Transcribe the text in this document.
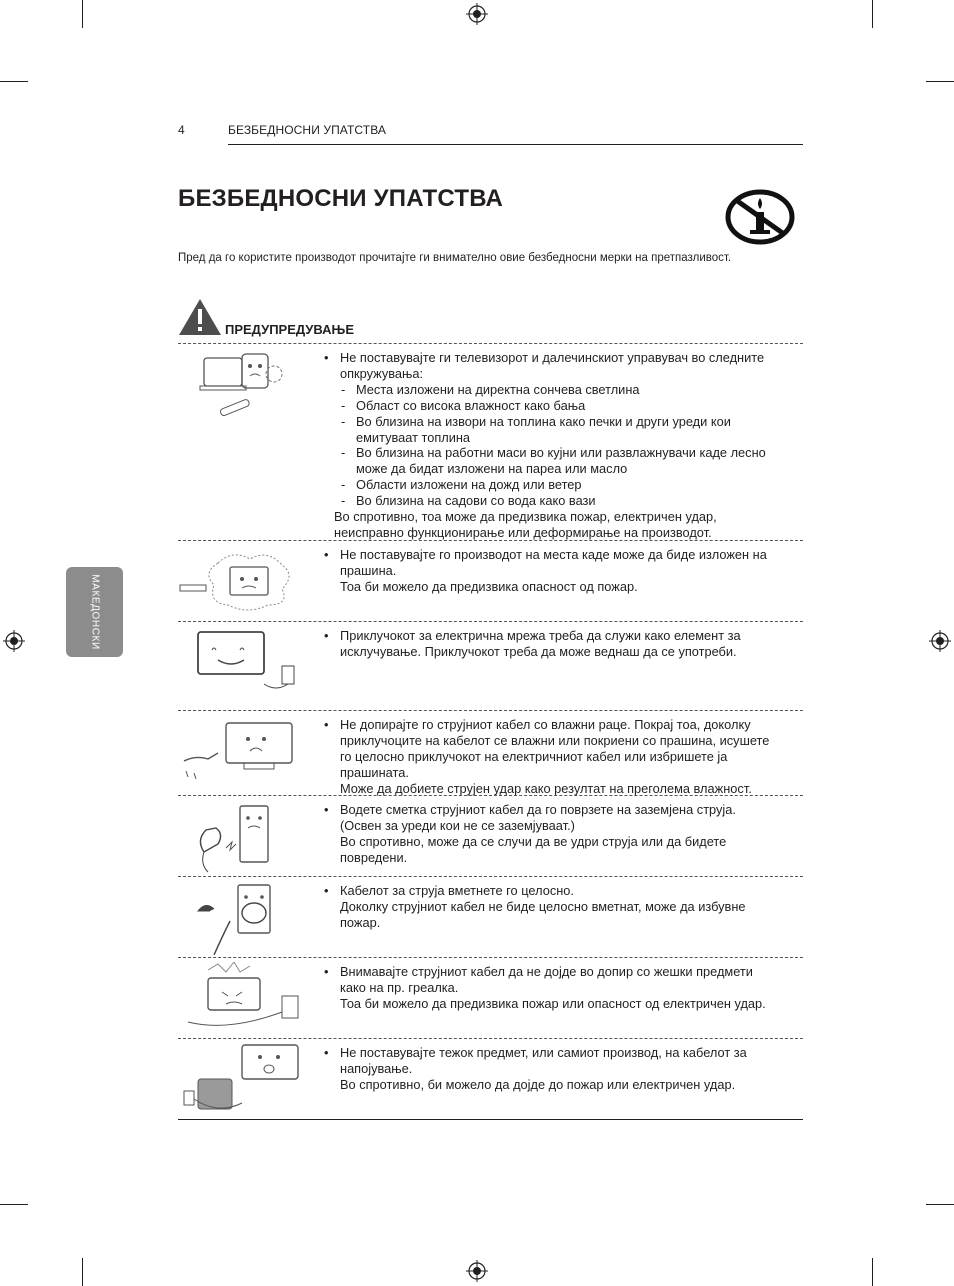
4	БЕЗБЕДНОСНИ УПАТСТВА
БЕЗБЕДНОСНИ УПАТСТВА
Пред да го користите производот прочитајте ги внимателно овие безбедносни мерки на претпазливост.
ПРЕДУПРЕДУВАЊЕ
МАКЕДОНСКИ
• Не поставувајте ги телевизорот и далечинскиот управувач во следните
опкружувања:
- Места изложени на директна сончева светлина
- Област со висока влажност како бања
- Во близина на извори на топлина како печки и други уреди кои
емитуваат топлина
- Во близина на работни маси во кујни или развлажнувачи каде лесно
може да бидат изложени на пареа или масло
- Области изложени на дожд или ветер
- Во близина на садови со вода како вази
Во спротивно, тоа може да предизвика пожар, електричен удар,
неисправно функционирање или деформирање на производот.
• Не поставувајте го производот на места каде може да биде изложен на
прашина.
Тоа би можело да предизвика опасност од пожар.
• Приклучокот за електрична мрежа треба да служи како елемент за
исклучување. Приклучокот треба да може веднаш да се употреби.
• Не допирајте го струјниот кабел со влажни раце. Покрај тоа, доколку
приклучоците на кабелот се влажни или покриени со прашина, исушете
го целосно приклучокот на електричниот кабел или избришете ја
прашината.
Може да добиете струјен удар како резултат на преголема влажност.
• Водете сметка струјниот кабел да го поврзете на заземјена струја.
(Освен за уреди кои не се заземјуваат.)
Во спротивно, може да се случи да ве удри струја или да бидете
повредени.
• Кабелот за струја вметнете го целосно.
Доколку струјниот кабел не биде целосно вметнат, може да избувне
пожар.
• Внимавајте струјниот кабел да не дојде во допир со жешки предмети
како на пр. греалка.
Тоа би можело да предизвика пожар или опасност од електричен удар.
• Не поставувајте тежок предмет, или самиот производ, на кабелот за
напојување.
Во спротивно, би можело да дојде до пожар или електричен удар.
